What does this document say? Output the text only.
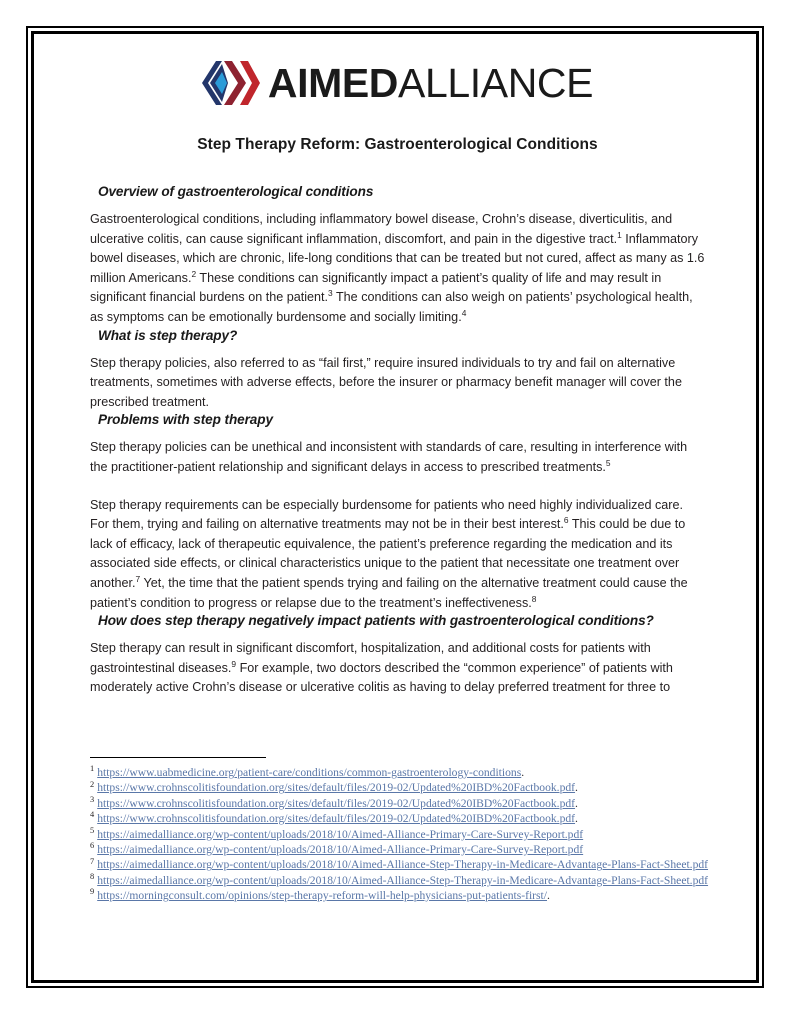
AIMEDALLIANCE
Step Therapy Reform: Gastroenterological Conditions
Overview of gastroenterological conditions

Gastroenterological conditions, including inflammatory bowel disease, Crohn’s disease, diverticulitis, and ulcerative colitis, can cause significant inflammation, discomfort, and pain in the digestive tract.$^1$ Inflammatory bowel diseases, which are chronic, life-long conditions that can be treated but not cured, affect as many as 1.6 million Americans.$^2$ These conditions can significantly impact a patient’s quality of life and may result in significant financial burdens on the patient.$^3$ The conditions can also weigh on patients’ psychological health, as symptoms can be emotionally burdensome and socially limiting.$^4$

What is step therapy?

Step therapy policies, also referred to as “fail first,” require insured individuals to try and fail on alternative treatments, sometimes with adverse effects, before the insurer or pharmacy benefit manager will cover the prescribed treatment.

Problems with step therapy

Step therapy policies can be unethical and inconsistent with standards of care, resulting in interference with the practitioner-patient relationship and significant delays in access to prescribed treatments.$^5$

Step therapy requirements can be especially burdensome for patients who need highly individualized care. For them, trying and failing on alternative treatments may not be in their best interest.$^6$ This could be due to lack of efficacy, lack of therapeutic equivalence, the patient’s preference regarding the medication and its associated side effects, or clinical characteristics unique to the patient that necessitate one treatment over another.$^7$ Yet, the time that the patient spends trying and failing on the alternative treatment could cause the patient’s condition to progress or relapse due to the treatment’s ineffectiveness.$^8$

How does step therapy negatively impact patients with gastroenterological conditions?

Step therapy can result in significant discomfort, hospitalization, and additional costs for patients with gastrointestinal diseases.$^9$ For example, two doctors described the “common experience” of patients with moderately active Crohn’s disease or ulcerative colitis as having to delay preferred treatment for three to

$^1$ https://www.uabmedicine.org/patient-care/conditions/common-gastroenterology-conditions.

$^2$ https://www.crohnscolitisfoundation.org/sites/default/files/2019-02/Updated%20IBD%20Factbook.pdf.

$^3$ https://www.crohnscolitisfoundation.org/sites/default/files/2019-02/Updated%20IBD%20Factbook.pdf.

$^4$ https://www.crohnscolitisfoundation.org/sites/default/files/2019-02/Updated%20IBD%20Factbook.pdf.

$^5$ https://aimedalliance.org/wp-content/uploads/2018/10/Aimed-Alliance-Primary-Care-Survey-Report.pdf

$^6$ https://aimedalliance.org/wp-content/uploads/2018/10/Aimed-Alliance-Primary-Care-Survey-Report.pdf

$^7$ https://aimedalliance.org/wp-content/uploads/2018/10/Aimed-Alliance-Step-Therapy-in-Medicare-Advantage-Plans-Fact-Sheet.pdf

$^8$ https://aimedalliance.org/wp-content/uploads/2018/10/Aimed-Alliance-Step-Therapy-in-Medicare-Advantage-Plans-Fact-Sheet.pdf

$^9$ https://morningconsult.com/opinions/step-therapy-reform-will-help-physicians-put-patients-first/.
